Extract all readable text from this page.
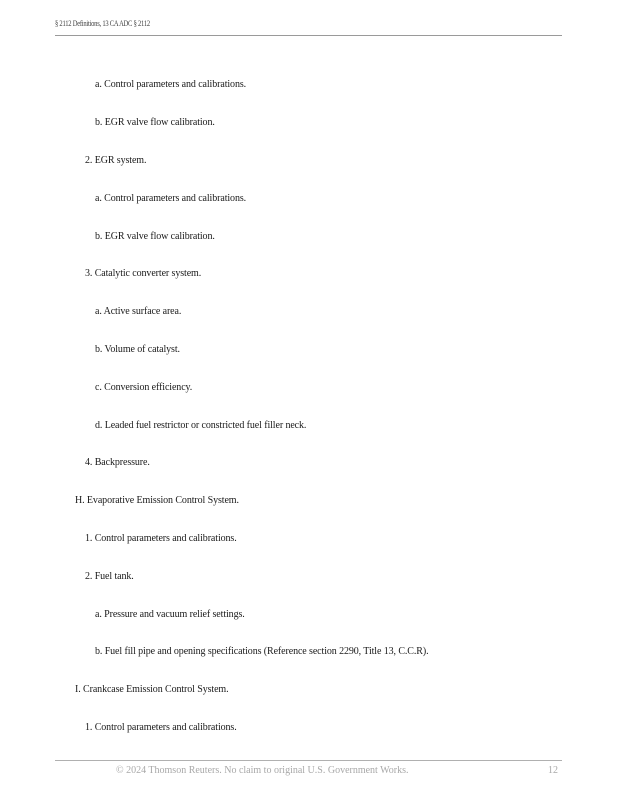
§ 2112 Definitions, 13 CA ADC § 2112
a. Control parameters and calibrations.
b. EGR valve flow calibration.
2. EGR system.
a. Control parameters and calibrations.
b. EGR valve flow calibration.
3. Catalytic converter system.
a. Active surface area.
b. Volume of catalyst.
c. Conversion efficiency.
d. Leaded fuel restrictor or constricted fuel filler neck.
4. Backpressure.
H. Evaporative Emission Control System.
1. Control parameters and calibrations.
2. Fuel tank.
a. Pressure and vacuum relief settings.
b. Fuel fill pipe and opening specifications (Reference section 2290, Title 13, C.C.R).
I. Crankcase Emission Control System.
1. Control parameters and calibrations.
© 2024 Thomson Reuters. No claim to original U.S. Government Works.	12
